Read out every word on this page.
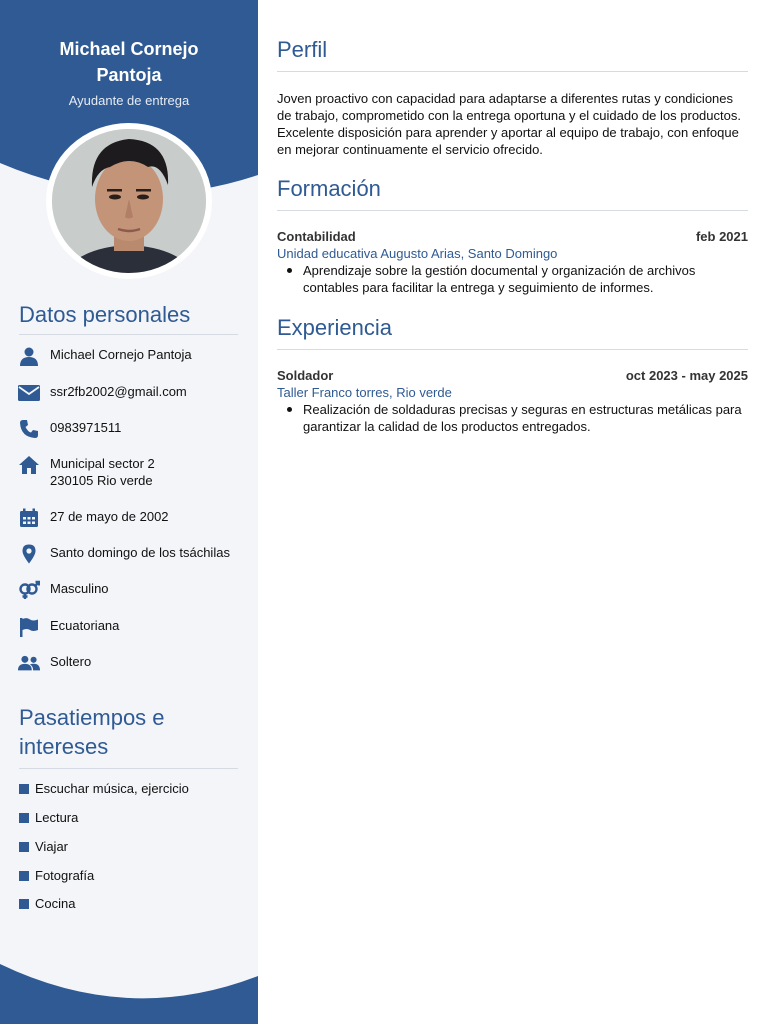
Michael Cornejo Pantoja
Ayudante de entrega
Datos personales
Michael Cornejo Pantoja
ssr2fb2002@gmail.com
0983971511
Municipal sector 2
230105 Rio verde
27 de mayo de 2002
Santo domingo de los tsáchilas
Masculino
Ecuatoriana
Soltero
Pasatiempos e
intereses
Escuchar música, ejercicio
Lectura
Viajar
Fotografía
Cocina
Perfil
Joven proactivo con capacidad para adaptarse a diferentes rutas y condiciones de trabajo, comprometido con la entrega oportuna y el cuidado de los productos. Excelente disposición para aprender y aportar al equipo de trabajo, con enfoque en mejorar continuamente el servicio ofrecido.
Formación
Contabilidad	feb 2021
Unidad educativa Augusto Arias, Santo Domingo
Aprendizaje sobre la gestión documental y organización de archivos contables para facilitar la entrega y seguimiento de informes.
Experiencia
Soldador	oct 2023 - may 2025
Taller Franco torres, Rio verde
Realización de soldaduras precisas y seguras en estructuras metálicas para garantizar la calidad de los productos entregados.
